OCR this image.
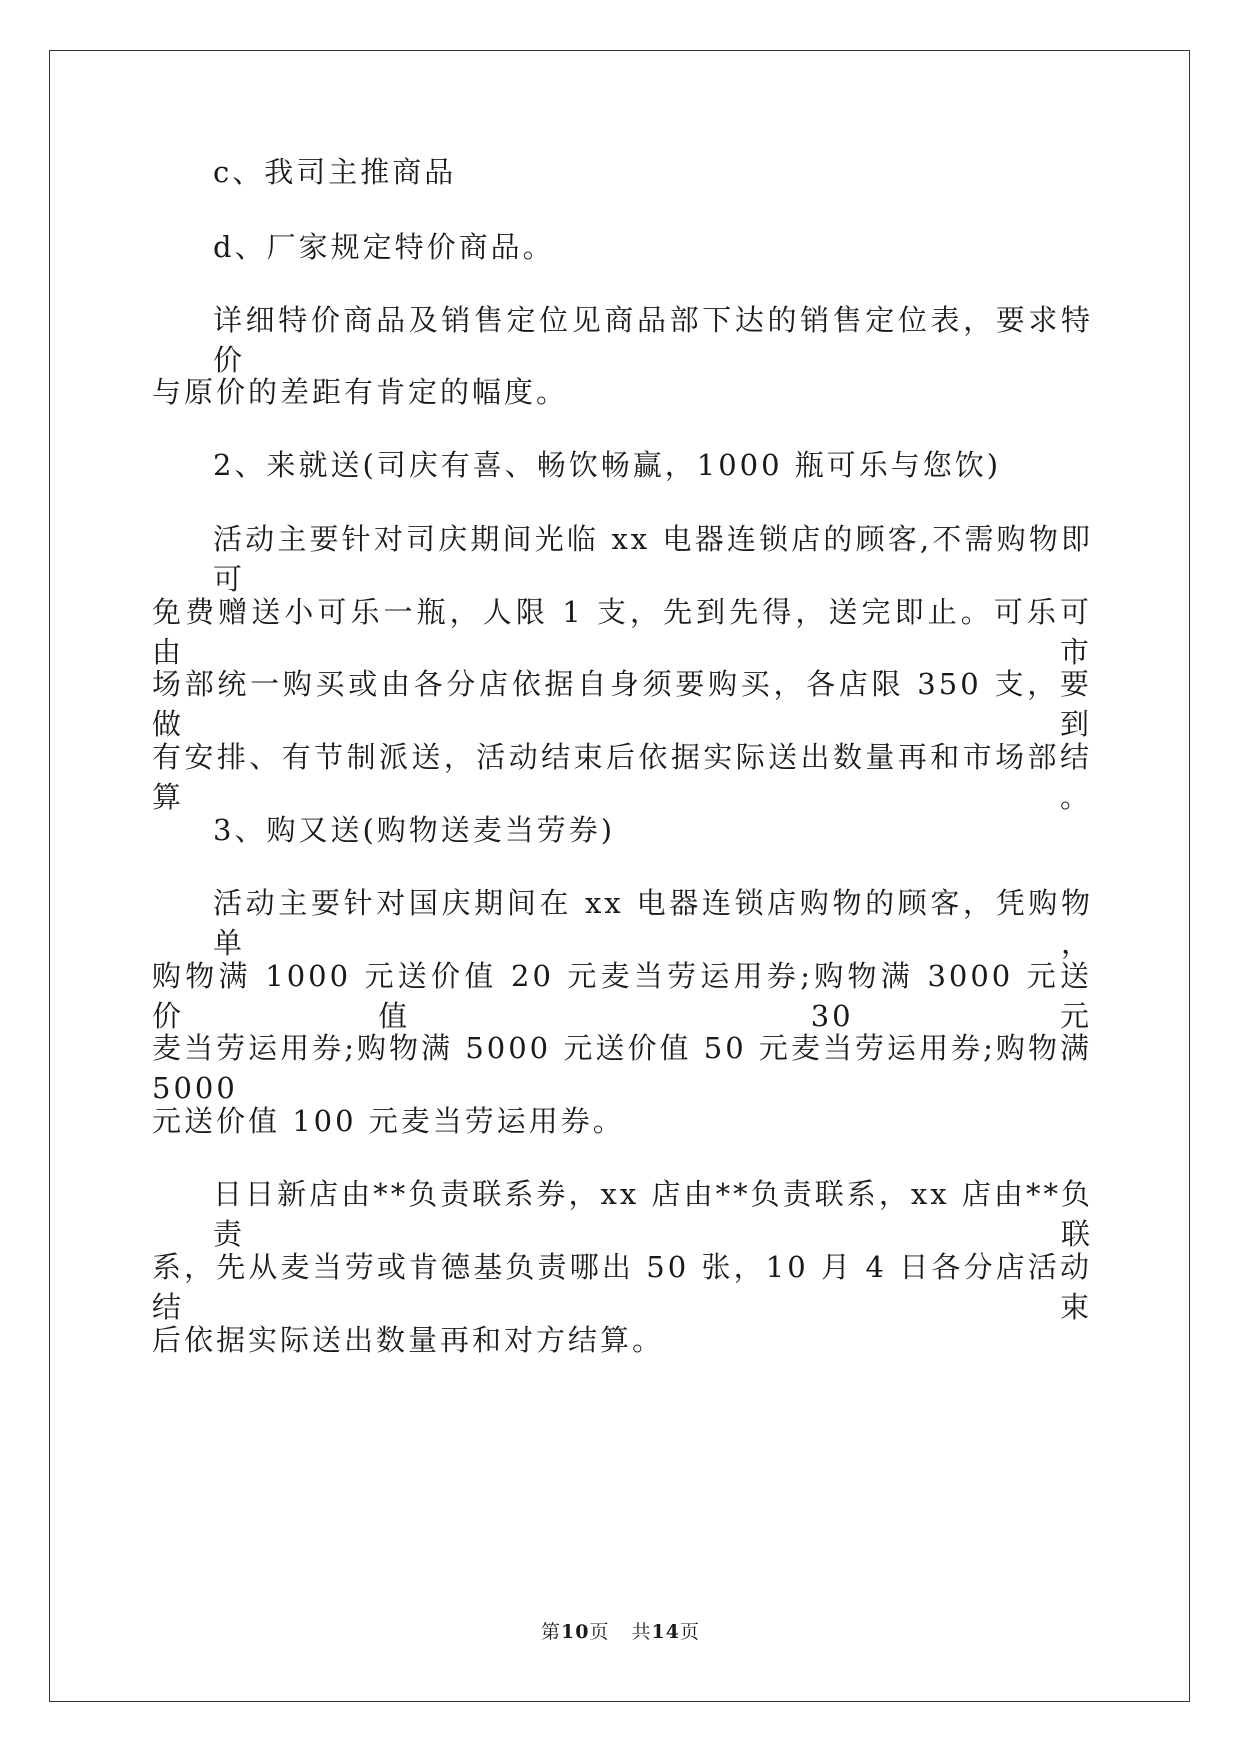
c、我司主推商品
d、厂家规定特价商品。
详细特价商品及销售定位见商品部下达的销售定位表，要求特价
与原价的差距有肯定的幅度。
2、来就送(司庆有喜、畅饮畅赢，1000 瓶可乐与您饮)
活动主要针对司庆期间光临 xx 电器连锁店的顾客,不需购物即可
免费赠送小可乐一瓶，人限 1 支，先到先得，送完即止。可乐可由市
场部统一购买或由各分店依据自身须要购买，各店限 350 支，要做到
有安排、有节制派送，活动结束后依据实际送出数量再和市场部结算。
3、购又送(购物送麦当劳券)
活动主要针对国庆期间在 xx 电器连锁店购物的顾客，凭购物单，
购物满 1000 元送价值 20 元麦当劳运用券;购物满 3000 元送价值 30 元
麦当劳运用券;购物满 5000 元送价值 50 元麦当劳运用券;购物满 5000
元送价值 100 元麦当劳运用券。
日日新店由**负责联系券，xx 店由**负责联系，xx 店由**负责联
系，先从麦当劳或肯德基负责哪出 50 张，10 月 4 日各分店活动结束
后依据实际送出数量再和对方结算。
第10页 共14页
